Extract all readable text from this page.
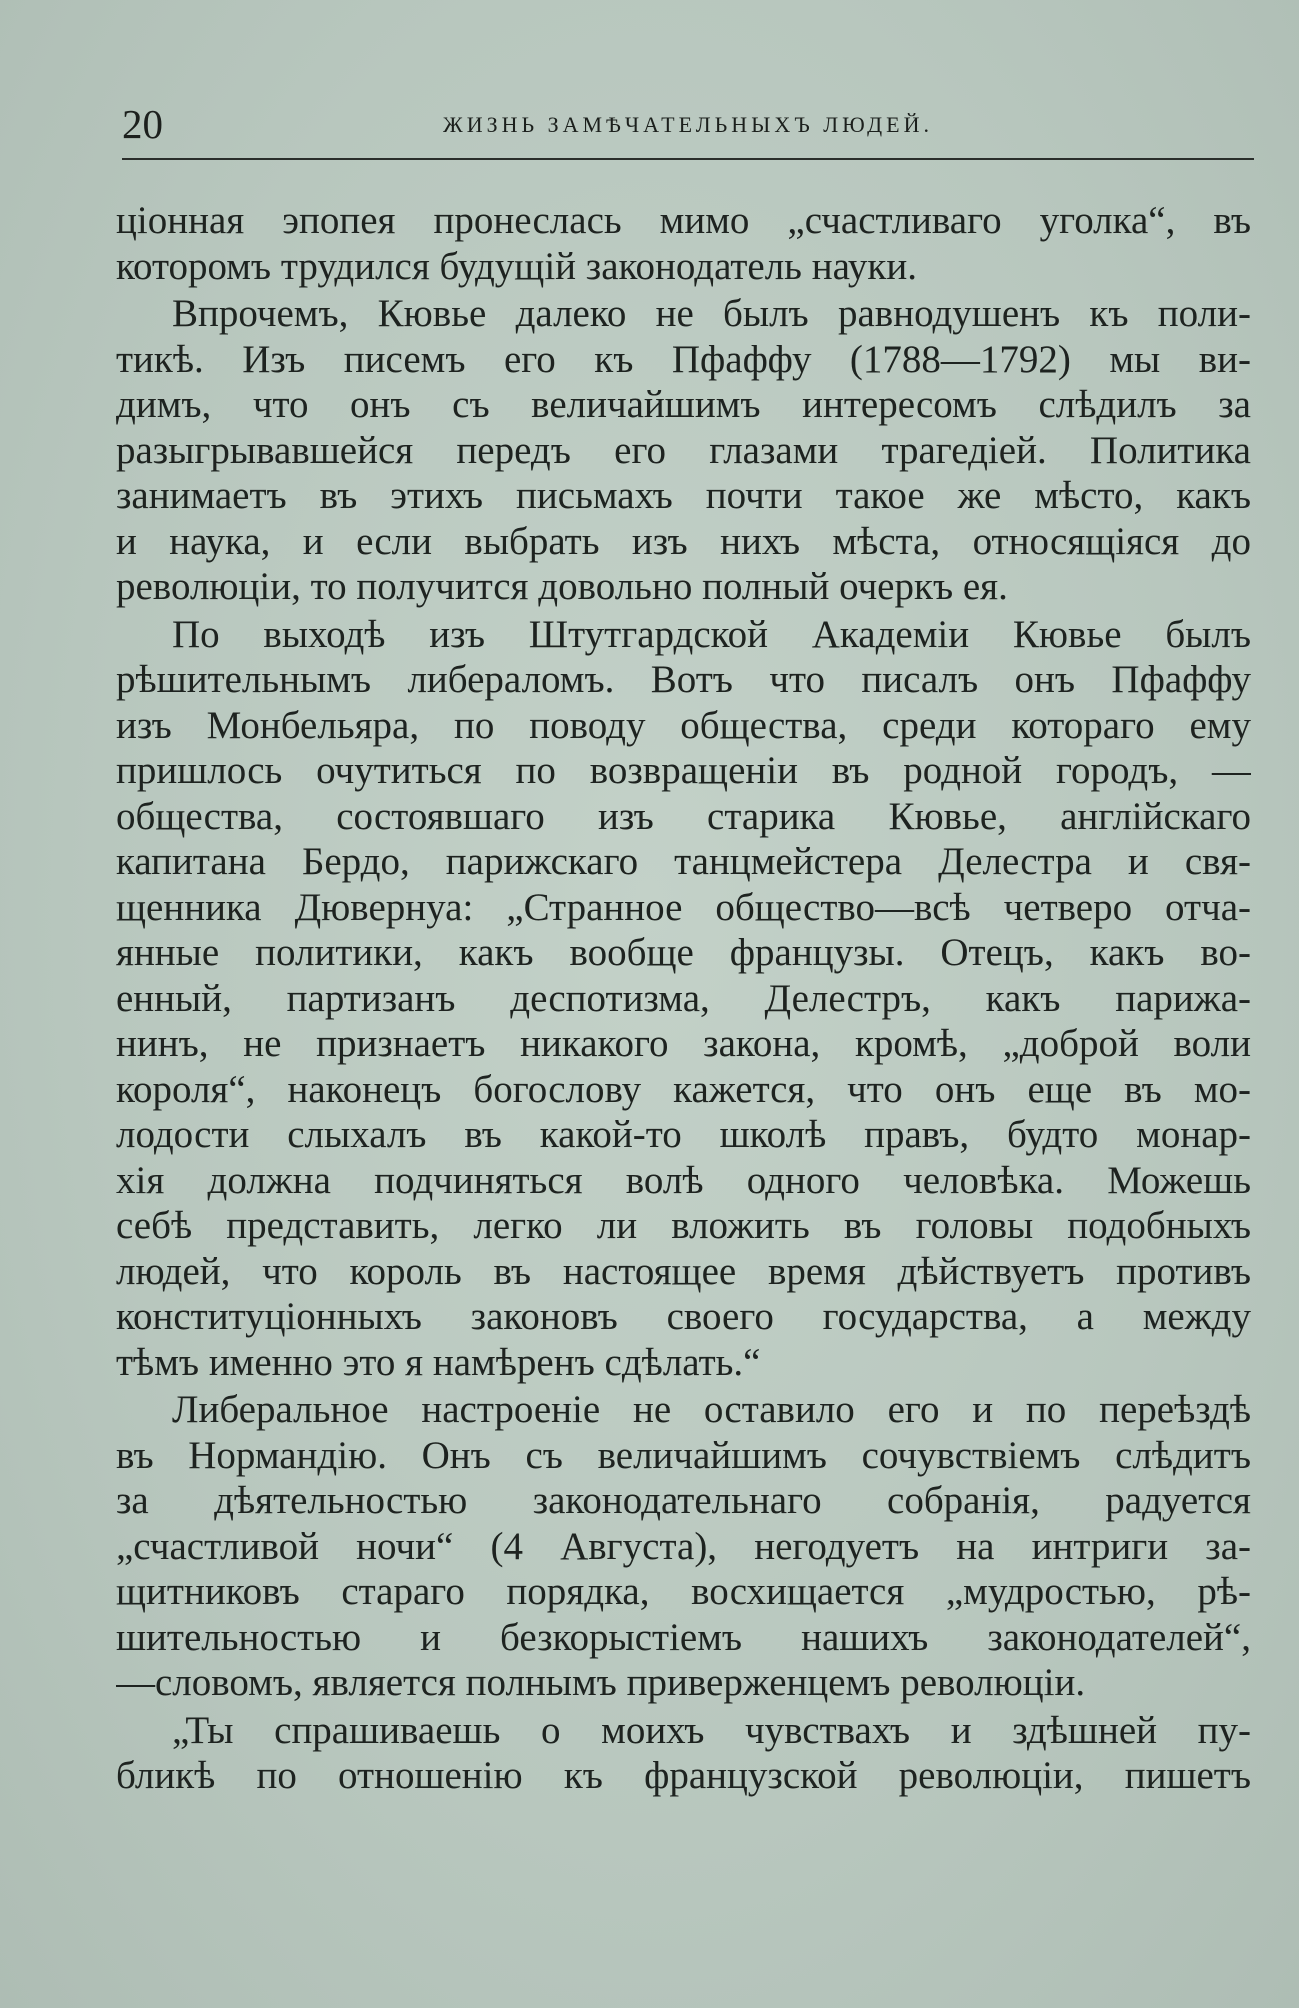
20	ЖИЗНЬ ЗАМѢЧАТЕЛЬНЫХЪ ЛЮДЕЙ.
ціонная эпопея пронеслась мимо „счастливаго уголка“, въ
которомъ трудился будущій законодатель науки.
Впрочемъ, Кювье далеко не былъ равнодушенъ къ поли-
тикѣ. Изъ писемъ его къ Пфаффу (1788—1792) мы ви-
димъ, что онъ съ величайшимъ интересомъ слѣдилъ за
разыгрывавшейся передъ его глазами трагедіей. Политика
занимаетъ въ этихъ письмахъ почти такое же мѣсто, какъ
и наука, и если выбрать изъ нихъ мѣста, относящіяся до
революціи, то получится довольно полный очеркъ ея.
По выходѣ изъ Штутгардской Академіи Кювье былъ
рѣшительнымъ либераломъ. Вотъ что писалъ онъ Пфаффу
изъ Монбельяра, по поводу общества, среди котораго ему
пришлось очутиться по возвращеніи въ родной городъ, —
общества, состоявшаго изъ старика Кювье, англійскаго
капитана Бердо, парижскаго танцмейстера Делестра и свя-
щенника Дювернуа: „Странное общество—всѣ четверо отча-
янные политики, какъ вообще французы. Отецъ, какъ во-
енный, партизанъ деспотизма, Делестръ, какъ парижа-
нинъ, не признаетъ никакого закона, кромѣ, „доброй воли
короля“, наконецъ богослову кажется, что онъ еще въ мо-
лодости слыхалъ въ какой-то школѣ правъ, будто монар-
хія должна подчиняться волѣ одного человѣка. Можешь
себѣ представить, легко ли вложить въ головы подобныхъ
людей, что король въ настоящее время дѣйствуетъ противъ
конституціонныхъ законовъ своего государства, а между
тѣмъ именно это я намѣренъ сдѣлать.“
Либеральное настроеніе не оставило его и по переѣздѣ
въ Нормандію. Онъ съ величайшимъ сочувствіемъ слѣдитъ
за дѣятельностью законодательнаго собранія, радуется
„счастливой ночи“ (4 Августа), негодуетъ на интриги за-
щитниковъ стараго порядка, восхищается „мудростью, рѣ-
шительностью и безкорыстіемъ нашихъ законодателей“,
—словомъ, является полнымъ приверженцемъ революціи.
„Ты спрашиваешь о моихъ чувствахъ и здѣшней пу-
бликѣ по отношенію къ французской революціи, пишетъ
